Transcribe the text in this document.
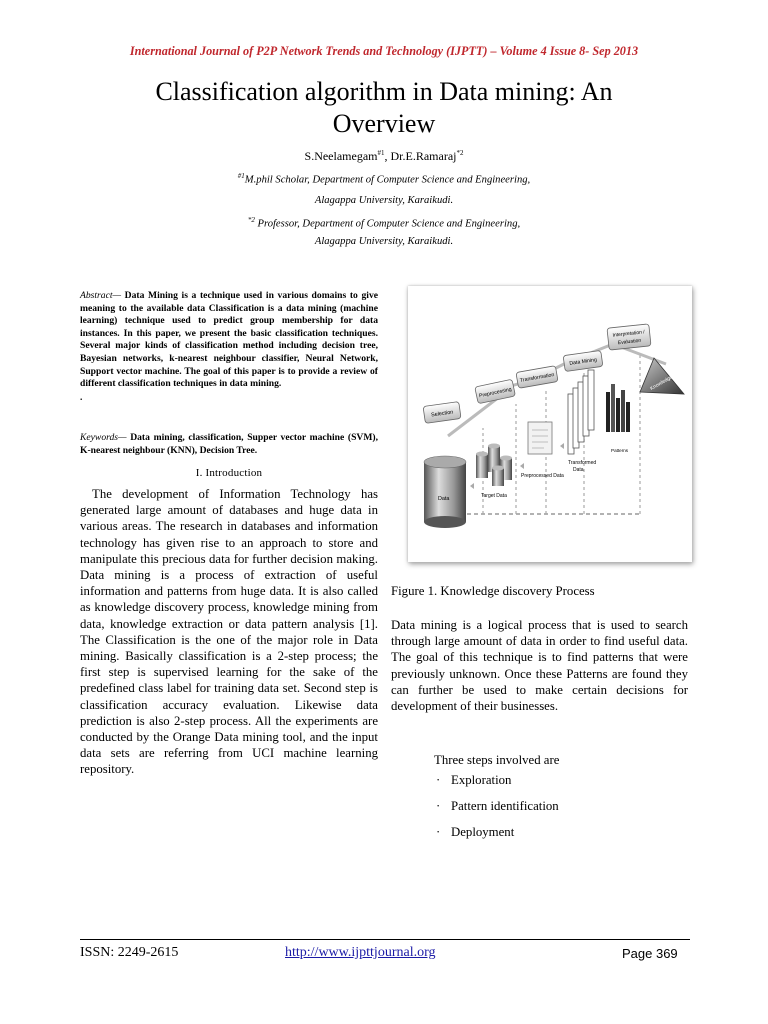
International Journal of P2P Network Trends and Technology (IJPTT) – Volume 4 Issue 8- Sep 2013
Classification algorithm in Data mining: An
Overview
S.Neelamegam$^{\#1}$, Dr.E.Ramaraj$^{*2}$
$^{\#1}$M.phil Scholar, Department of Computer Science and Engineering,
Alagappa University, Karaikudi.
$^{*2}$ Professor, Department of Computer Science and Engineering,
Alagappa University, Karaikudi.
Abstract— Data Mining is a technique used in various domains to give meaning to the available data Classification is a data mining (machine learning) technique used to predict group membership for data instances. In this paper, we present the basic classification techniques. Several major kinds of classification method including decision tree, Bayesian networks, k-nearest neighbour classifier, Neural Network, Support vector machine. The goal of this paper is to provide a review of different classification techniques in data mining.
.
Keywords— Data mining, classification, Supper vector machine (SVM), K-nearest neighbour (KNN), Decision Tree.
I. Introduction

The development of Information Technology has generated large amount of databases and huge data in various areas. The research in databases and information technology has given rise to an approach to store and manipulate this precious data for further decision making. Data mining is a process of extraction of useful information and patterns from huge data. It is also called as knowledge discovery process, knowledge mining from data, knowledge extraction or data pattern analysis [1]. The Classification is the one of the major role in Data mining. Basically classification is a 2-step process; the first step is supervised learning for the sake of the predefined class label for training data set. Second step is classification accuracy evaluation. Likewise data prediction is also 2-step process. All the experiments are conducted by the Orange Data mining tool, and the input data sets are referring from UCI machine learning repository.

Selection
Preprocessing
Transformation
Data Mining
Interpretation /
Evaluation
Knowledge
Data	Target Data
Preprocessed Data
Transformed
Data
Patterns
Figure 1. Knowledge discovery Process

Data mining is a logical process that is used to search through large amount of data in order to find useful data. The goal of this technique is to find patterns that were previously unknown. Once these Patterns are found they can further be used to make certain decisions for development of their businesses.

Three steps involved are
· Exploration
· Pattern identification
· Deployment
ISSN: 2249-2615	http://www.ijpttjournal.org	Page 369
